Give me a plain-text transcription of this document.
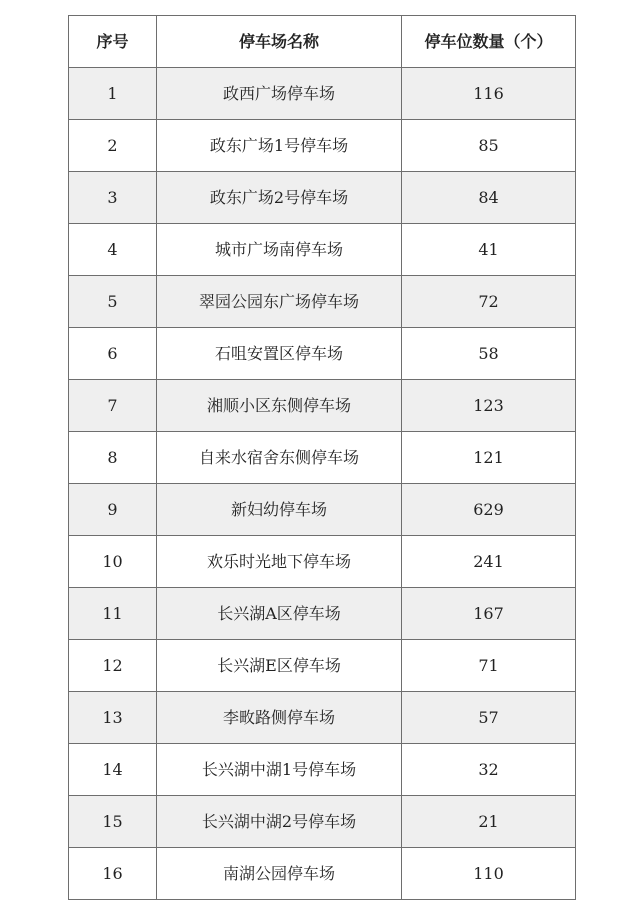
序号	停车场名称	停车位数量（个）
1	政西广场停车场	116
2	政东广场1号停车场	85
3	政东广场2号停车场	84
4	城市广场南停车场	41
5	翠园公园东广场停车场	72
6	石咀安置区停车场	58
7	湘顺小区东侧停车场	123
8	自来水宿舍东侧停车场	121
9	新妇幼停车场	629
10	欢乐时光地下停车场	241
11	长兴湖A区停车场	167
12	长兴湖E区停车场	71
13	李畋路侧停车场	57
14	长兴湖中湖1号停车场	32
15	长兴湖中湖2号停车场	21
16	南湖公园停车场	110
